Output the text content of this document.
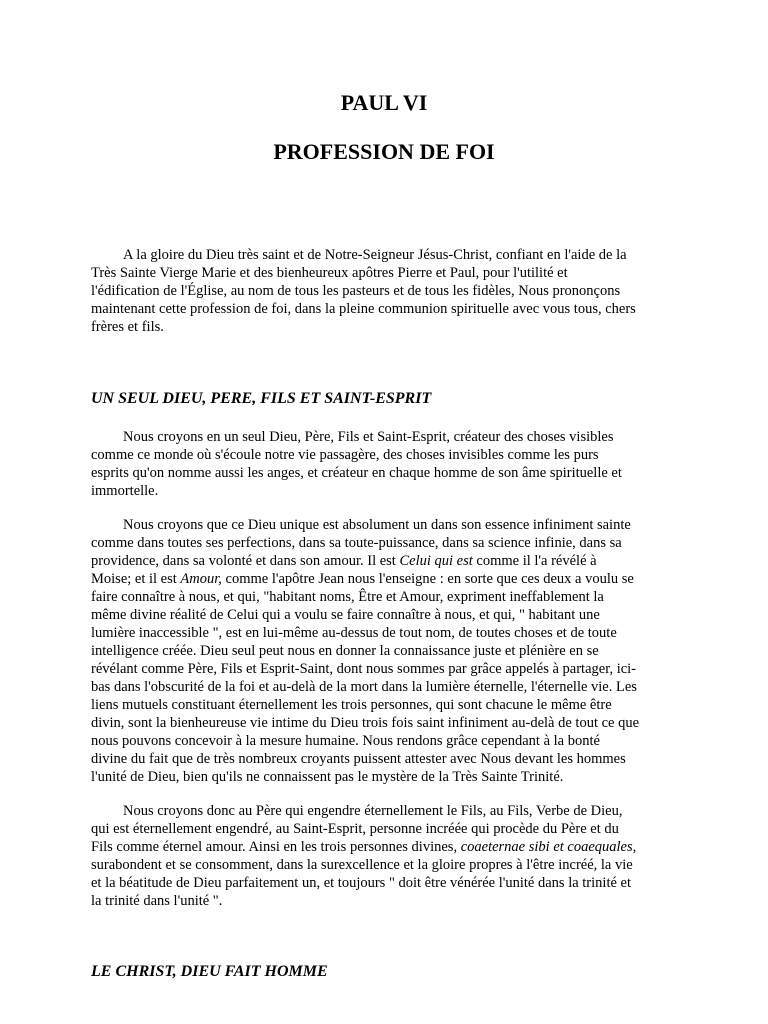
PAUL VI
PROFESSION DE FOI
A la gloire du Dieu très saint et de Notre-Seigneur Jésus-Christ, confiant en l'aide de la
Très Sainte Vierge Marie et des bienheureux apôtres Pierre et Paul, pour l'utilité et
l'édification de l'Église, au nom de tous les pasteurs et de tous les fidèles, Nous prononçons
maintenant cette profession de foi, dans la pleine communion spirituelle avec vous tous, chers
frères et fils.
UN SEUL DIEU, PERE, FILS ET SAINT-ESPRIT
Nous croyons en un seul Dieu, Père, Fils et Saint-Esprit, créateur des choses visibles
comme ce monde où s'écoule notre vie passagère, des choses invisibles comme les purs
esprits qu'on nomme aussi les anges, et créateur en chaque homme de son âme spirituelle et
immortelle.
Nous croyons que ce Dieu unique est absolument un dans son essence infiniment sainte
comme dans toutes ses perfections, dans sa toute-puissance, dans sa science infinie, dans sa
providence, dans sa volonté et dans son amour. Il est Celui qui est comme il l'a révélé à
Moise; et il est Amour, comme l'apôtre Jean nous l'enseigne : en sorte que ces deux a voulu se
faire connaître à nous, et qui, "habitant noms, Être et Amour, expriment ineffablement la
même divine réalité de Celui qui a voulu se faire connaître à nous, et qui, " habitant une
lumière inaccessible ", est en lui-même au-dessus de tout nom, de toutes choses et de toute
intelligence créée. Dieu seul peut nous en donner la connaissance juste et plénière en se
révélant comme Père, Fils et Esprit-Saint, dont nous sommes par grâce appelés à partager, ici-
bas dans l'obscurité de la foi et au-delà de la mort dans la lumière éternelle, l'éternelle vie. Les
liens mutuels constituant éternellement les trois personnes, qui sont chacune le même être
divin, sont la bienheureuse vie intime du Dieu trois fois saint infiniment au-delà de tout ce que
nous pouvons concevoir à la mesure humaine. Nous rendons grâce cependant à la bonté
divine du fait que de très nombreux croyants puissent attester avec Nous devant les hommes
l'unité de Dieu, bien qu'ils ne connaissent pas le mystère de la Très Sainte Trinité.
Nous croyons donc au Père qui engendre éternellement le Fils, au Fils, Verbe de Dieu,
qui est éternellement engendré, au Saint-Esprit, personne incréée qui procède du Père et du
Fils comme éternel amour. Ainsi en les trois personnes divines, coaeternae sibi et coaequales,
surabondent et se consomment, dans la surexcellence et la gloire propres à l'être incréé, la vie
et la béatitude de Dieu parfaitement un, et toujours " doit être vénérée l'unité dans la trinité et
la trinité dans l'unité ".
LE CHRIST, DIEU FAIT HOMME
